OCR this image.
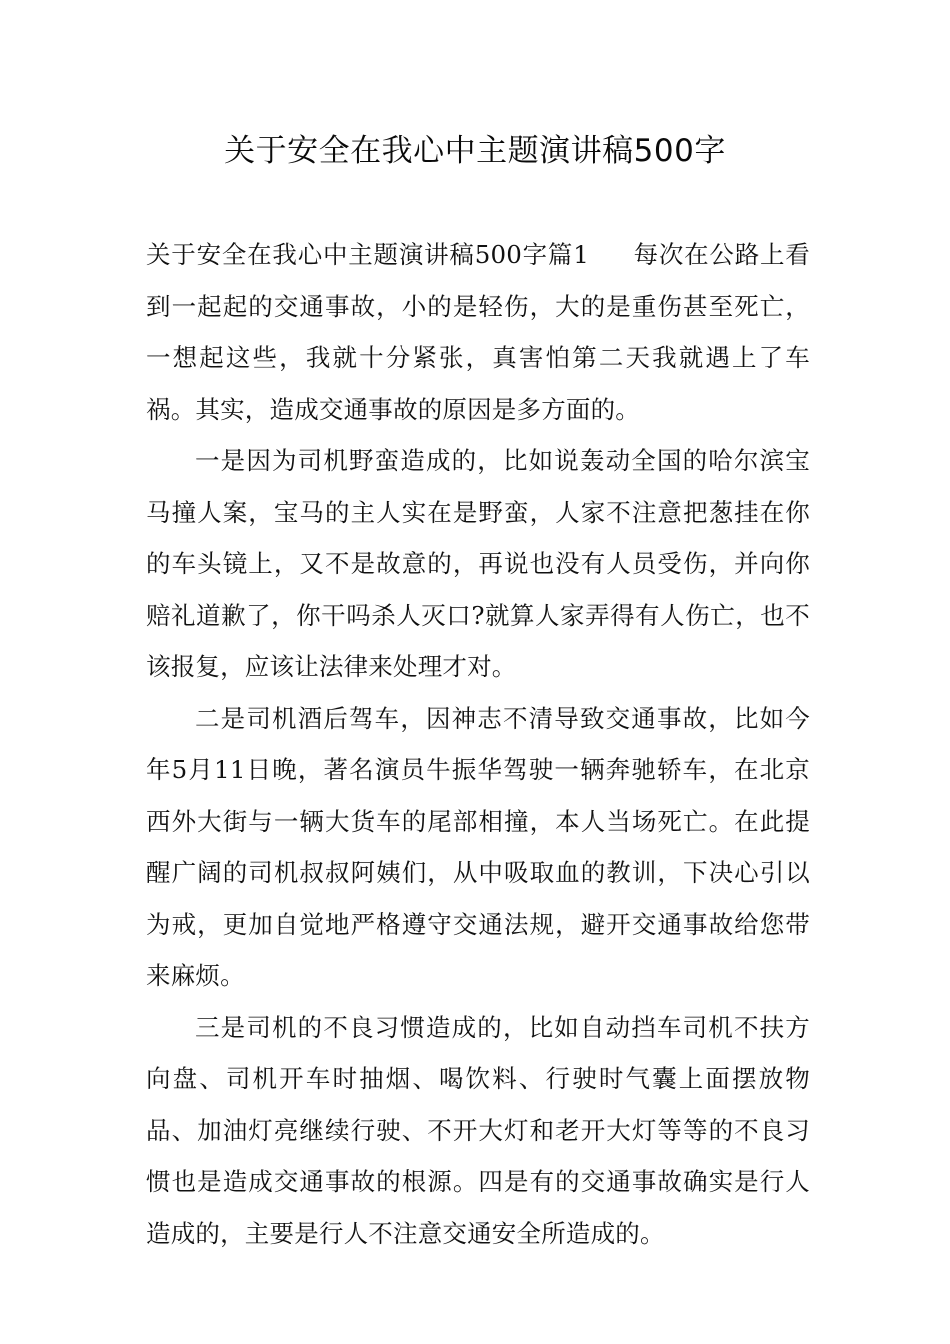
关于安全在我心中主题演讲稿500字

关于安全在我心中主题演讲稿500字篇1 每次在公路上看到一起起的交通事故，小的是轻伤，大的是重伤甚至死亡，一想起这些，我就十分紧张，真害怕第二天我就遇上了车祸。其实，造成交通事故的原因是多方面的。

一是因为司机野蛮造成的，比如说轰动全国的哈尔滨宝马撞人案，宝马的主人实在是野蛮，人家不注意把葱挂在你的车头镜上，又不是故意的，再说也没有人员受伤，并向你赔礼道歉了，你干吗杀人灭口?就算人家弄得有人伤亡，也不该报复，应该让法律来处理才对。

二是司机酒后驾车，因神志不清导致交通事故，比如今年5月11日晚，著名演员牛振华驾驶一辆奔驰轿车，在北京西外大街与一辆大货车的尾部相撞，本人当场死亡。在此提醒广阔的司机叔叔阿姨们，从中吸取血的教训，下决心引以为戒，更加自觉地严格遵守交通法规，避开交通事故给您带来麻烦。

三是司机的不良习惯造成的，比如自动挡车司机不扶方向盘、司机开车时抽烟、喝饮料、行驶时气囊上面摆放物品、加油灯亮继续行驶、不开大灯和老开大灯等等的不良习惯也是造成交通事故的根源。四是有的交通事故确实是行人造成的，主要是行人不注意交通安全所造成的。
